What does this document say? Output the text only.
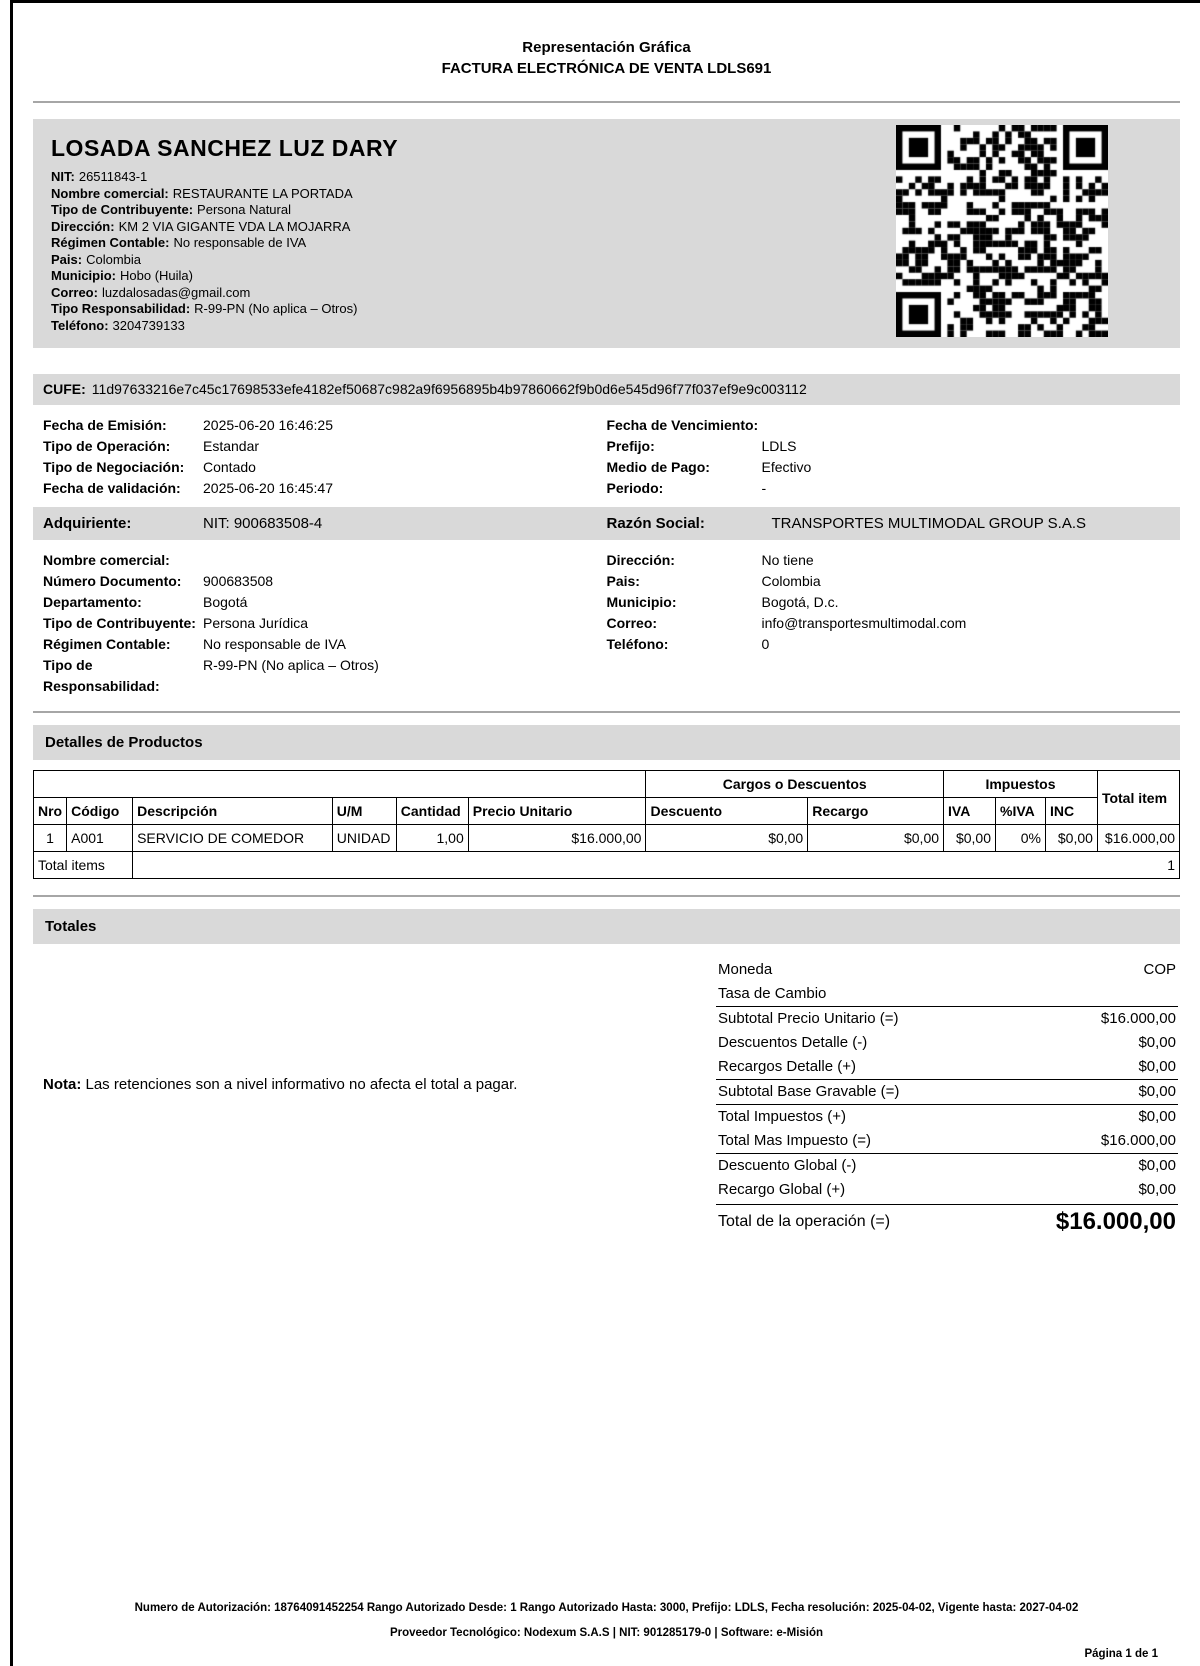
Representación Gráfica
FACTURA ELECTRÓNICA DE VENTA LDLS691
LOSADA SANCHEZ LUZ DARY
NIT: 26511843-1
Nombre comercial: RESTAURANTE LA PORTADA
Tipo de Contribuyente: Persona Natural
Dirección: KM 2 VIA GIGANTE VDA LA MOJARRA
Régimen Contable: No responsable de IVA
Pais: Colombia
Municipio: Hobo (Huila)
Correo: luzdalosadas@gmail.com
Tipo Responsabilidad: R-99-PN (No aplica – Otros)
Teléfono: 3204739133
CUFE: 11d97633216e7c45c17698533efe4182ef50687c982a9f6956895b4b97860662f9b0d6e545d96f77f037ef9e9c003112
Fecha de Emisión:	2025-06-20 16:46:25
Tipo de Operación:	Estandar
Tipo de Negociación:	Contado
Fecha de validación:	2025-06-20 16:45:47
Fecha de Vencimiento:
Prefijo:	LDLS
Medio de Pago:	Efectivo
Periodo:	-
Adquiriente:	NIT: 900683508-4	Razón Social:	TRANSPORTES MULTIMODAL GROUP S.A.S
Nombre comercial:
Número Documento:	900683508
Departamento:	Bogotá
Tipo de Contribuyente: Persona Jurídica
Régimen Contable:	No responsable de IVA
Tipo de Responsabilidad:
R-99-PN (No aplica – Otros)
Dirección:	No tiene
Pais:	Colombia
Municipio:	Bogotá, D.c.
Correo:	info@transportesmultimodal.com
Teléfono:	0
Detalles de Productos
						Cargos o Descuentos		Impuestos			Total item
Nro	Código	Descripción	U/M	Cantidad	Precio Unitario	Descuento	Recargo	IVA	%IVA	INC	
1	A001	SERVICIO DE COMEDOR	UNIDAD	1,00	$16.000,00	$0,00	$0,00	$0,00	0%	$0,00	$16.000,00
Total items		1									
Totales
Nota: Las retenciones son a nivel informativo no afecta el total a pagar.
Moneda	COP
Tasa de Cambio
Subtotal Precio Unitario (=)	$16.000,00
Descuentos Detalle (-)	$0,00
Recargos Detalle (+)	$0,00
Subtotal Base Gravable (=)	$0,00
Total Impuestos (+)	$0,00
Total Mas Impuesto (=)	$16.000,00
Descuento Global (-)	$0,00
Recargo Global (+)	$0,00
Total de la operación (=)	$16.000,00
Numero de Autorización: 18764091452254 Rango Autorizado Desde: 1 Rango Autorizado Hasta: 3000, Prefijo: LDLS, Fecha resolución: 2025-04-02, Vigente hasta: 2027-04-02
Proveedor Tecnológico: Nodexum S.A.S | NIT: 901285179-0 | Software: e-Misión
Página 1 de 1
